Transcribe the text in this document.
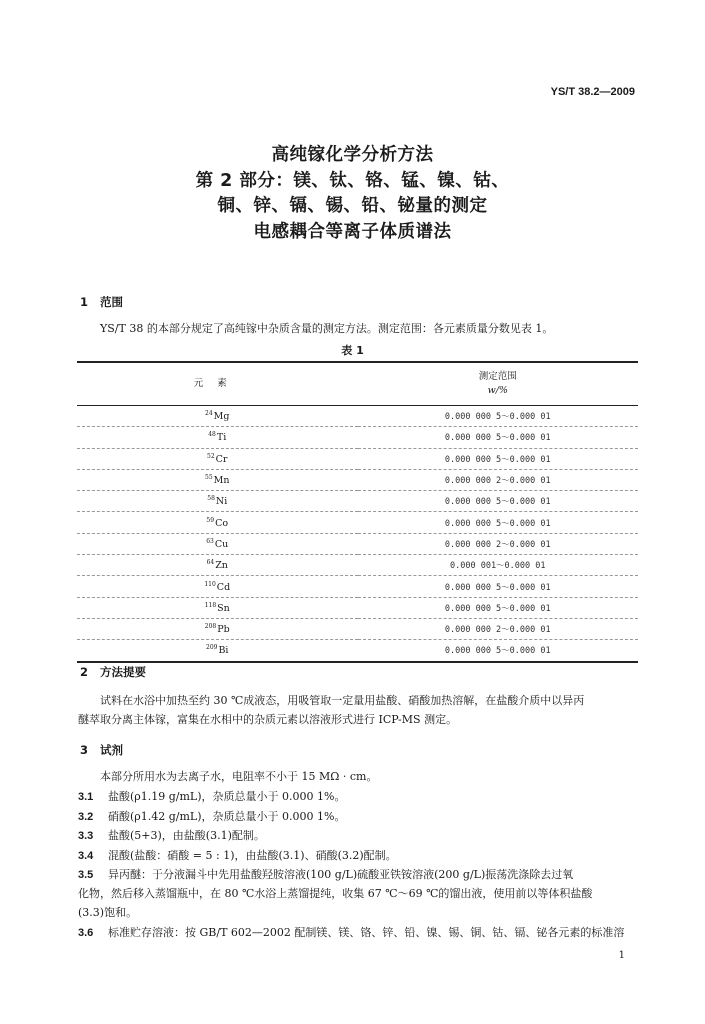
YS/T 38.2—2009
高纯镓化学分析方法
第 2 部分：镁、钛、铬、锰、镍、钴、
铜、锌、镉、锡、铅、铋量的测定
电感耦合等离子体质谱法
1 范围
YS/T 38 的本部分规定了高纯镓中杂质含量的测定方法。测定范围：各元素质量分数见表 1。
表 1
元素	测定范围
w/%

$^{24}$Mg	0.000 000 5～0.000 01
$^{48}$Ti	0.000 000 5～0.000 01
$^{52}$Cr	0.000 000 5～0.000 01
$^{55}$Mn	0.000 000 2～0.000 01
$^{58}$Ni	0.000 000 5～0.000 01
$^{59}$Co	0.000 000 5～0.000 01
$^{63}$Cu	0.000 000 2～0.000 01
$^{64}$Zn	0.000 001～0.000 01
$^{110}$Cd	0.000 000 5～0.000 01
$^{118}$Sn	0.000 000 5～0.000 01
$^{208}$Pb	0.000 000 2～0.000 01
$^{209}$Bi	0.000 000 5～0.000 01
2 方法提要
试料在水浴中加热至约 30 ℃成液态，用吸管取一定量用盐酸、硝酸加热溶解，在盐酸介质中以异丙
醚萃取分离主体镓，富集在水相中的杂质元素以溶液形式进行 ICP-MS 测定。
3 试剂
本部分所用水为去离子水，电阻率不小于 15 MΩ · cm。
3.1 盐酸(ρ1.19 g/mL)，杂质总量小于 0.000 1%。
3.2 硝酸(ρ1.42 g/mL)，杂质总量小于 0.000 1%。
3.3 盐酸(5+3)，由盐酸(3.1)配制。
3.4 混酸(盐酸：硝酸 = 5 : 1)，由盐酸(3.1)、硝酸(3.2)配制。
3.5 异丙醚：于分液漏斗中先用盐酸羟胺溶液(100 g/L)硫酸亚铁铵溶液(200 g/L)振荡洗涤除去过氧
化物，然后移入蒸馏瓶中，在 80 ℃水浴上蒸馏提纯，收集 67 ℃～69 ℃的馏出液，使用前以等体积盐酸
(3.3)饱和。
3.6 标准贮存溶液：按 GB/T 602—2002 配制镁、镁、铬、锌、铅、镍、锡、铜、钴、镉、铋各元素的标准溶
1
